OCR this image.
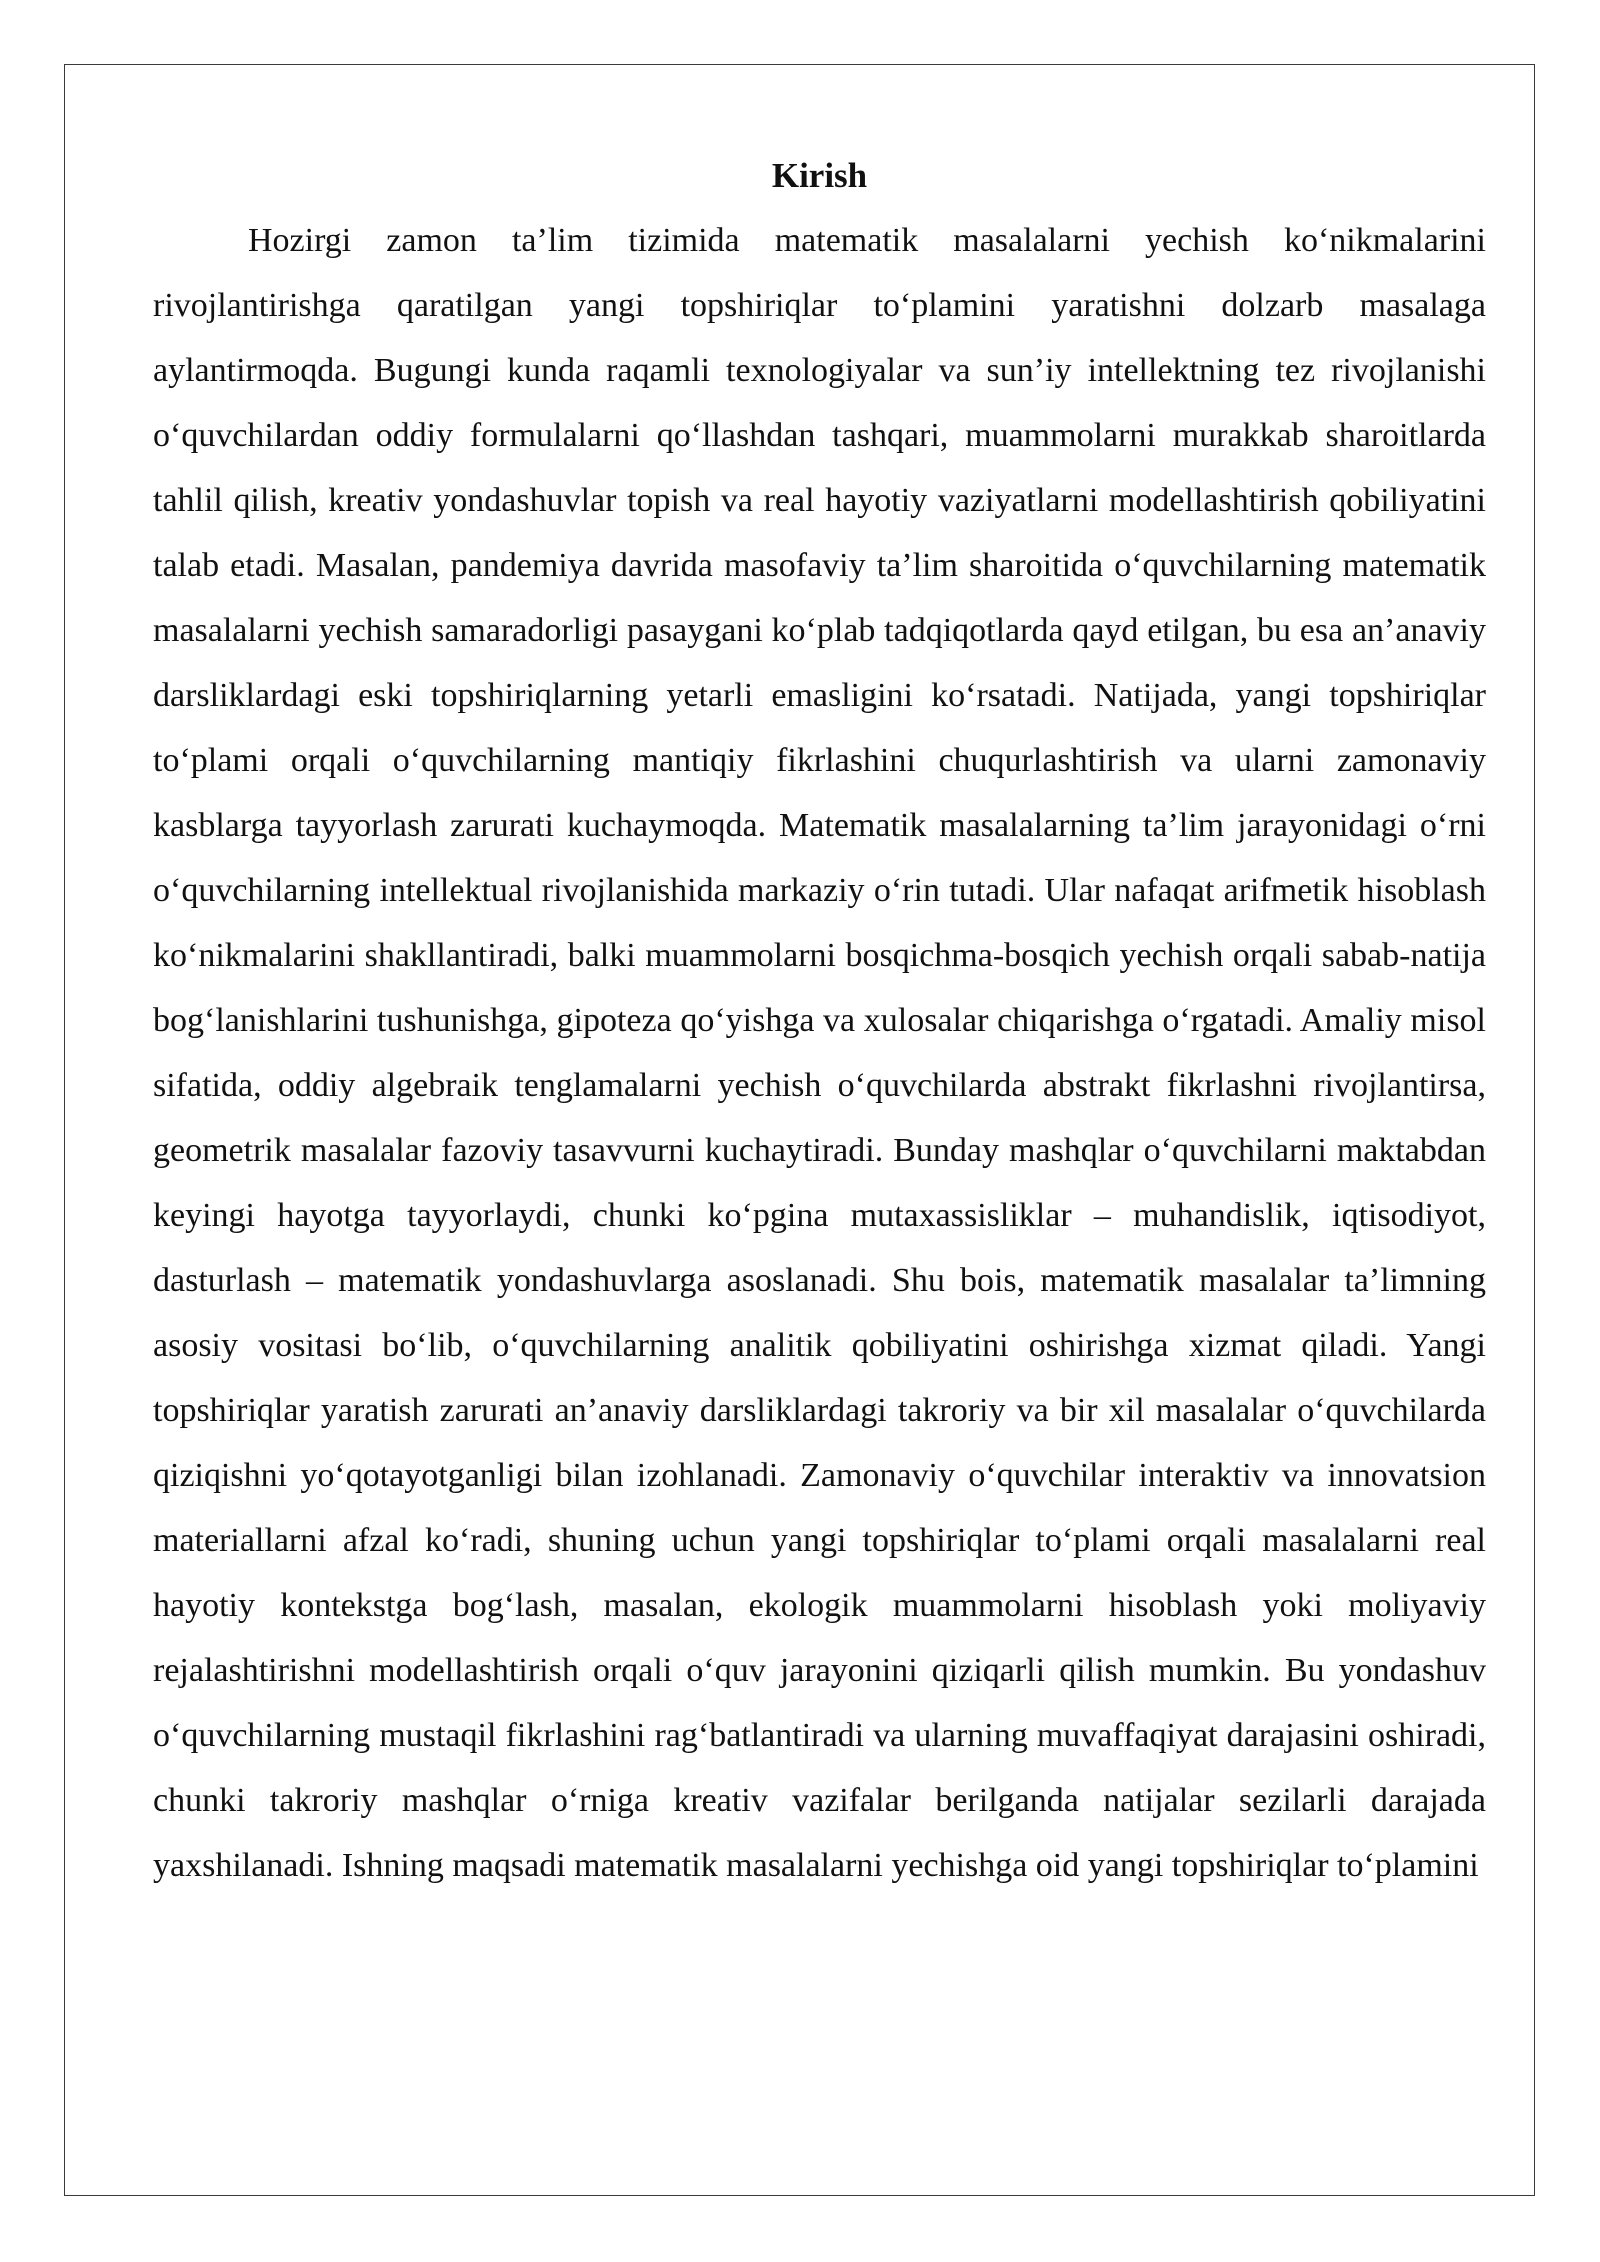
Kirish

Hozirgi zamon ta’lim tizimida matematik masalalarni yechish ko‘nikmalarini rivojlantirishga qaratilgan yangi topshiriqlar to‘plamini yaratishni dolzarb masalaga aylantirmoqda. Bugungi kunda raqamli texnologiyalar va sun’iy intellektning tez rivojlanishi o‘quvchilardan oddiy formulalarni qo‘llashdan tashqari, muammolarni murakkab sharoitlarda tahlil qilish, kreativ yondashuvlar topish va real hayotiy vaziyatlarni modellashtirish qobiliyatini talab etadi. Masalan, pandemiya davrida masofaviy ta’lim sharoitida o‘quvchilarning matematik masalalarni yechish samaradorligi pasaygani ko‘plab tadqiqotlarda qayd etilgan, bu esa an’anaviy darsliklardagi eski topshiriqlarning yetarli emasligini ko‘rsatadi. Natijada, yangi topshiriqlar to‘plami orqali o‘quvchilarning mantiqiy fikrlashini chuqurlashtirish va ularni zamonaviy kasblarga tayyorlash zarurati kuchaymoqda. Matematik masalalarning ta’lim jarayonidagi o‘rni o‘quvchilarning intellektual rivojlanishida markaziy o‘rin tutadi. Ular nafaqat arifmetik hisoblash ko‘nikmalarini shakllantiradi, balki muammolarni bosqichma-bosqich yechish orqali sabab-natija bog‘lanishlarini tushunishga, gipoteza qo‘yishga va xulosalar chiqarishga o‘rgatadi. Amaliy misol sifatida, oddiy algebraik tenglamalarni yechish o‘quvchilarda abstrakt fikrlashni rivojlantirsa, geometrik masalalar fazoviy tasavvurni kuchaytiradi. Bunday mashqlar o‘quvchilarni maktabdan keyingi hayotga tayyorlaydi, chunki ko‘pgina mutaxassisliklar – muhandislik, iqtisodiyot, dasturlash – matematik yondashuvlarga asoslanadi. Shu bois, matematik masalalar ta’limning asosiy vositasi bo‘lib, o‘quvchilarning analitik qobiliyatini oshirishga xizmat qiladi. Yangi topshiriqlar yaratish zarurati an’anaviy darsliklardagi takroriy va bir xil masalalar o‘quvchilarda qiziqishni yo‘qotayotganligi bilan izohlanadi. Zamonaviy o‘quvchilar interaktiv va innovatsion materiallarni afzal ko‘radi, shuning uchun yangi topshiriqlar to‘plami orqali masalalarni real hayotiy kontekstga bog‘lash, masalan, ekologik muammolarni hisoblash yoki moliyaviy rejalashtirishni modellashtirish orqali o‘quv jarayonini qiziqarli qilish mumkin. Bu yondashuv o‘quvchilarning mustaqil fikrlashini rag‘batlantiradi va ularning muvaffaqiyat darajasini oshiradi, chunki takroriy mashqlar o‘rniga kreativ vazifalar berilganda natijalar sezilarli darajada yaxshilanadi. Ishning maqsadi matematik masalalarni yechishga oid yangi topshiriqlar to‘plamini
